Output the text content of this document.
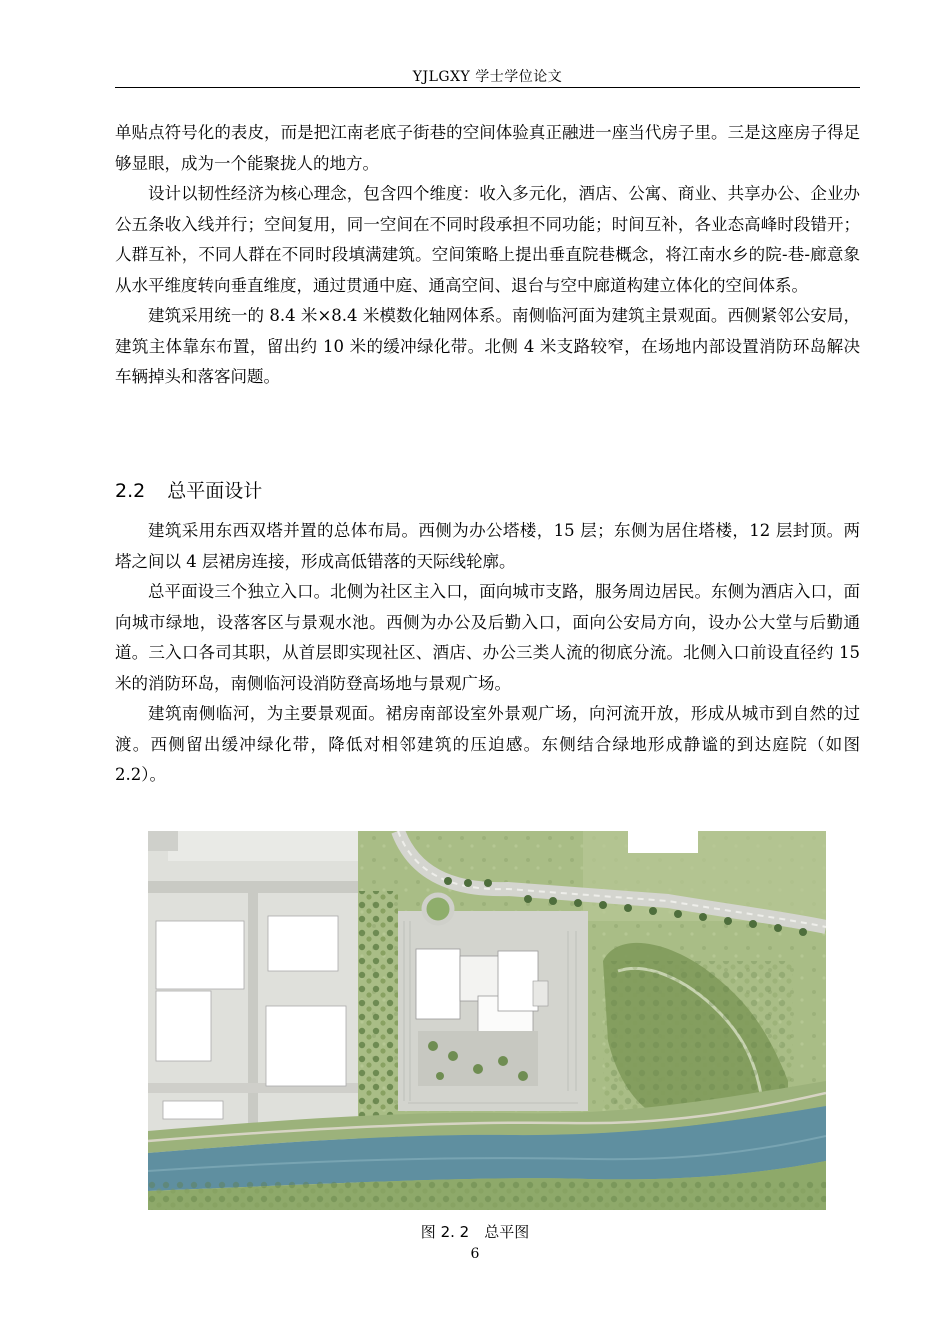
YJLGXY 学士学位论文

单贴点符号化的表皮，而是把江南老底子街巷的空间体验真正融进一座当代房子里。三是这座房子得足够显眼，成为一个能聚拢人的地方。

设计以韧性经济为核心理念，包含四个维度：收入多元化，酒店、公寓、商业、共享办公、企业办公五条收入线并行；空间复用，同一空间在不同时段承担不同功能；时间互补，各业态高峰时段错开；人群互补，不同人群在不同时段填满建筑。空间策略上提出垂直院巷概念，将江南水乡的院-巷-廊意象从水平维度转向垂直维度，通过贯通中庭、通高空间、退台与空中廊道构建立体化的空间体系。

建筑采用统一的 8.4 米×8.4 米模数化轴网体系。南侧临河面为建筑主景观面。西侧紧邻公安局，建筑主体靠东布置，留出约 10 米的缓冲绿化带。北侧 4 米支路较窄，在场地内部设置消防环岛解决车辆掉头和落客问题。

2.2 总平面设计

建筑采用东西双塔并置的总体布局。西侧为办公塔楼，15 层；东侧为居住塔楼，12 层封顶。两塔之间以 4 层裙房连接，形成高低错落的天际线轮廓。

总平面设三个独立入口。北侧为社区主入口，面向城市支路，服务周边居民。东侧为酒店入口，面向城市绿地，设落客区与景观水池。西侧为办公及后勤入口，面向公安局方向，设办公大堂与后勤通道。三入口各司其职，从首层即实现社区、酒店、办公三类人流的彻底分流。北侧入口前设直径约 15 米的消防环岛，南侧临河设消防登高场地与景观广场。

建筑南侧临河，为主要景观面。裙房南部设室外景观广场，向河流开放，形成从城市到自然的过渡。西侧留出缓冲绿化带，降低对相邻建筑的压迫感。东侧结合绿地形成静谧的到达庭院（如图 2.2）。

图 2. 2　总平图
6
